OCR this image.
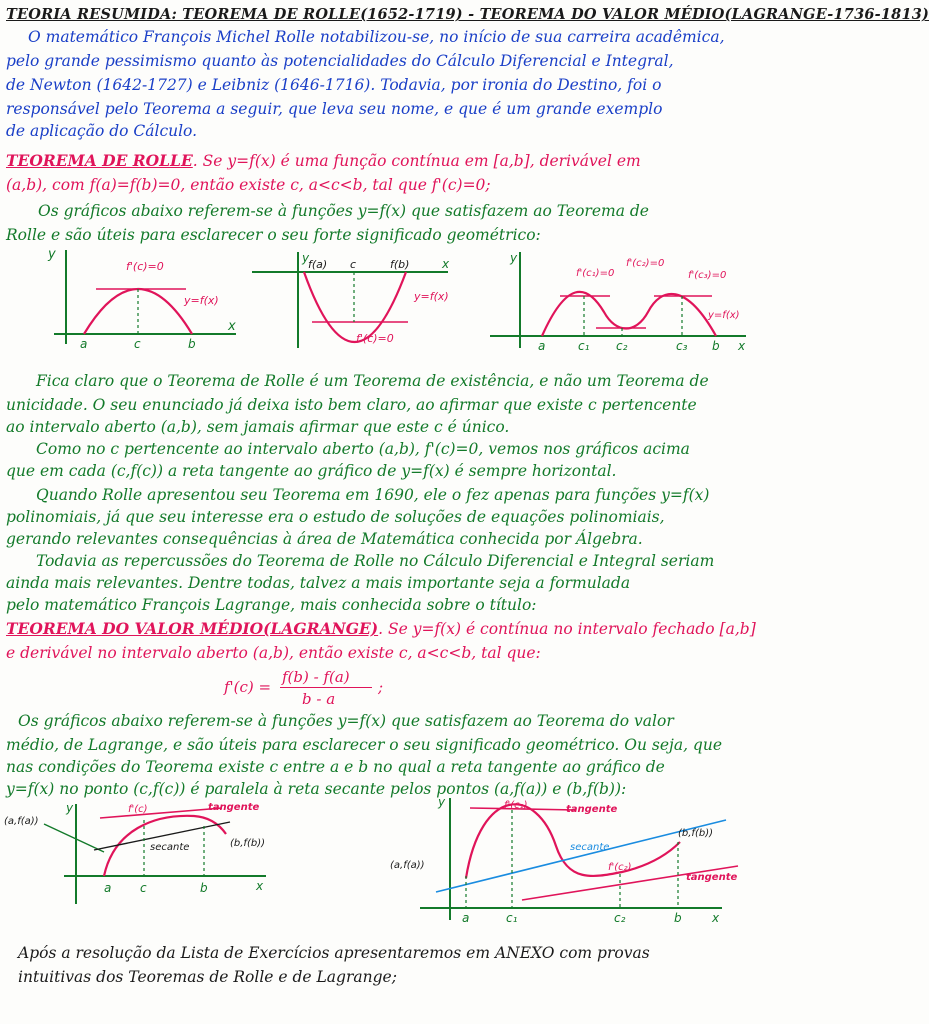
TEORIA RESUMIDA: TEOREMA DE ROLLE(1652-1719) - TEOREMA DO VALOR MÉDIO(LAGRANGE-1736-1813)
O matemático François Michel Rolle notabilizou-se, no início de sua carreira acadêmica,
pelo grande pessimismo quanto às potencialidades do Cálculo Diferencial e Integral,
de Newton (1642-1727) e Leibniz (1646-1716). Todavia, por ironia do Destino, foi o
responsável pelo Teorema a seguir, que leva seu nome, e que é um grande exemplo
de aplicação do Cálculo.
TEOREMA DE ROLLE. Se y=f(x) é uma função contínua em [a,b], derivável em
(a,b), com f(a)=f(b)=0, então existe c, a<c<b, tal que f'(c)=0;
Os gráficos abaixo referem-se à funções y=f(x) que satisfazem ao Teorema de
Rolle e são úteis para esclarecer o seu forte significado geométrico:
y
x
f'(c)=0
y=f(x)
a	c	b
y	x
f(a) c	f(b)
y=f(x)
f'(c)=0
y
x
f'(c₁)=0
f'(c₂)=0
f'(c₃)=0
y=f(x)
a	c₁ c₂	c₃ b
Fica claro que o Teorema de Rolle é um Teorema de existência, e não um Teorema de
unicidade. O seu enunciado já deixa isto bem claro, ao afirmar que existe c pertencente
ao intervalo aberto (a,b), sem jamais afirmar que este c é único.
Como no c pertencente ao intervalo aberto (a,b), f'(c)=0, vemos nos gráficos acima
que em cada (c,f(c)) a reta tangente ao gráfico de y=f(x) é sempre horizontal.
Quando Rolle apresentou seu Teorema em 1690, ele o fez apenas para funções y=f(x)
polinomiais, já que seu interesse era o estudo de soluções de equações polinomiais,
gerando relevantes consequências à área de Matemática conhecida por Álgebra.
Todavia as repercussões do Teorema de Rolle no Cálculo Diferencial e Integral seriam
ainda mais relevantes. Dentre todas, talvez a mais importante seja a formulada
pelo matemático François Lagrange, mais conhecida sobre o título:
TEOREMA DO VALOR MÉDIO(LAGRANGE). Se y=f(x) é contínua no intervalo fechado [a,b]
e derivável no intervalo aberto (a,b), então existe c, a<c<b, tal que:
f'(c) =
f(b) - f(a)
b - a
;
Os gráficos abaixo referem-se à funções y=f(x) que satisfazem ao Teorema do valor
médio, de Lagrange, e são úteis para esclarecer o seu significado geométrico. Ou seja, que
nas condições do Teorema existe c entre a e b no qual a reta tangente ao gráfico de
y=f(x) no ponto (c,f(c)) é paralela à reta secante pelos pontos (a,f(a)) e (b,f(b)):
y
x
(a,f(a))
(b,f(b))
f'(c)	tangente
secante
a c	b
y
x
(a,f(a))
(b,f(b))
f'(c₁)	tangente
secante
f'(c₂)
tangente
a	c₁	c₂	b
Após a resolução da Lista de Exercícios apresentaremos em ANEXO com provas
intuitivas dos Teoremas de Rolle e de Lagrange;
